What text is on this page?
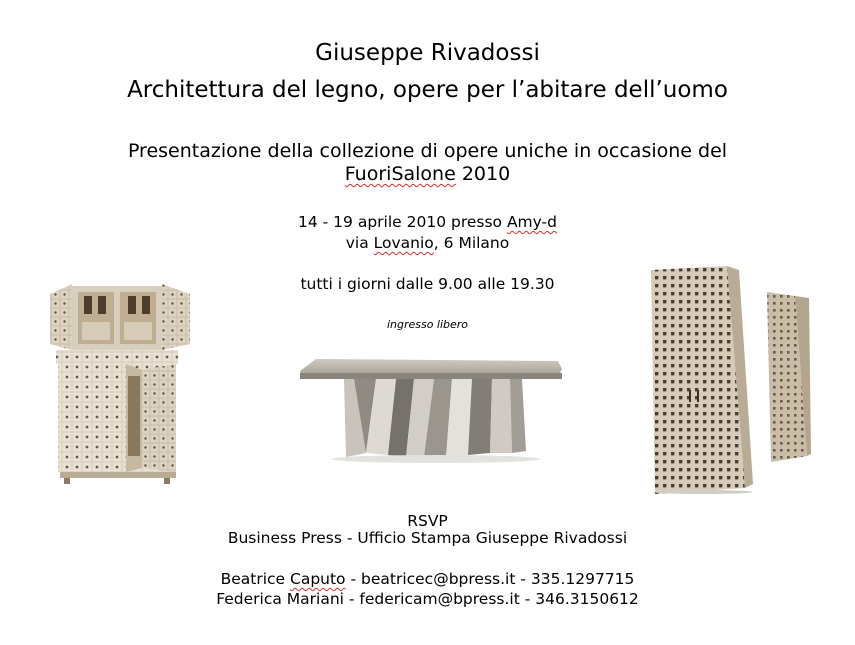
Giuseppe Rivadossi
Architettura del legno, opere per l’abitare dell’uomo
Presentazione della collezione di opere uniche in occasione del
FuoriSalone 2010
14 - 19 aprile 2010 presso Amy-d
via Lovanio, 6 Milano
tutti i giorni dalle 9.00 alle 19.30
ingresso libero
RSVP
Business Press - Ufficio Stampa Giuseppe Rivadossi
Beatrice Caputo - beatricec@bpress.it - 335.1297715
Federica Mariani - federicam@bpress.it - 346.3150612
